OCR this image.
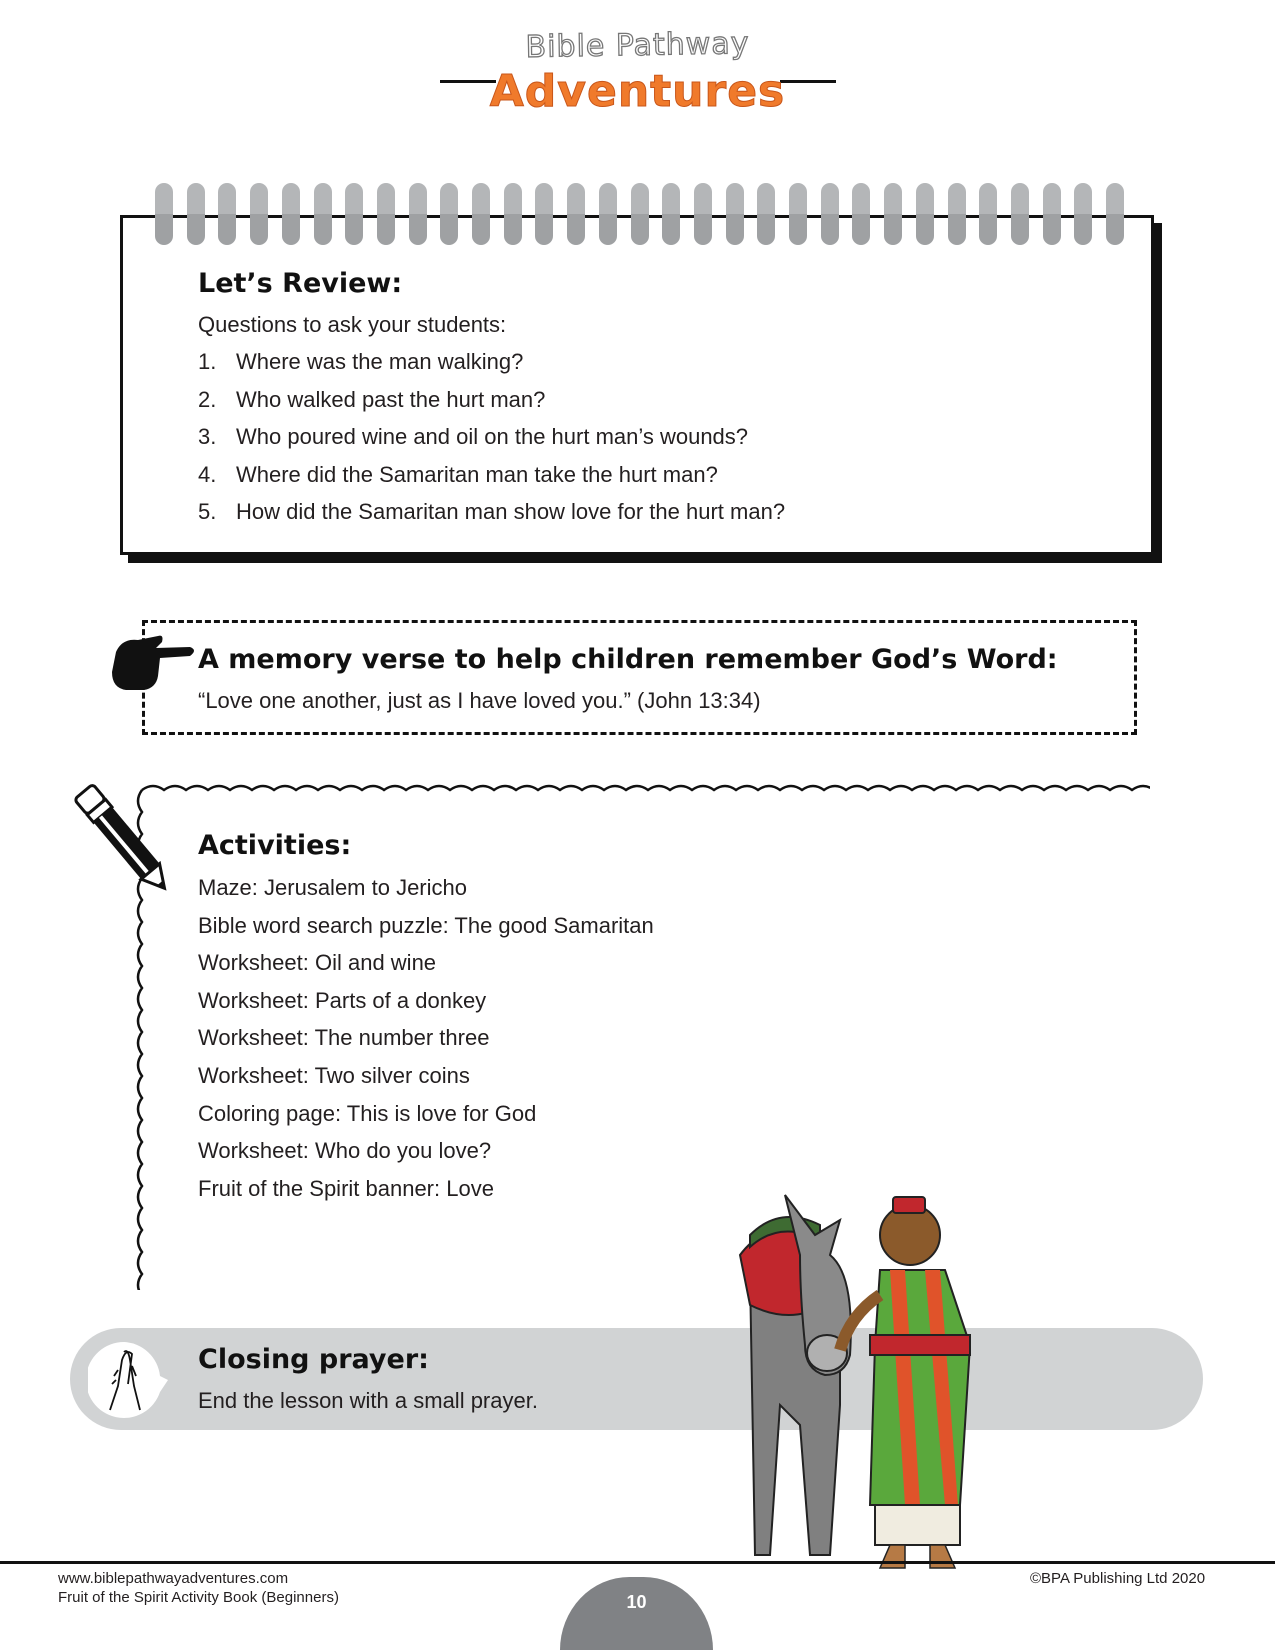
Bible Pathway
Adventures
Let’s Review:
Questions to ask your students:
1. Where was the man walking?
2. Who walked past the hurt man?
3. Who poured wine and oil on the hurt man’s wounds?
4. Where did the Samaritan man take the hurt man?
5. How did the Samaritan man show love for the hurt man?
A memory verse to help children remember God’s Word:
“Love one another, just as I have loved you.” (John 13:34)
Activities:
Maze: Jerusalem to Jericho
Bible word search puzzle: The good Samaritan
Worksheet: Oil and wine
Worksheet: Parts of a donkey
Worksheet: The number three
Worksheet: Two silver coins
Coloring page: This is love for God
Worksheet: Who do you love?
Fruit of the Spirit banner: Love
Closing prayer:
End the lesson with a small prayer.
www.biblepathwayadventures.com
Fruit of the Spirit Activity Book (Beginners)
©BPA Publishing Ltd 2020
10
